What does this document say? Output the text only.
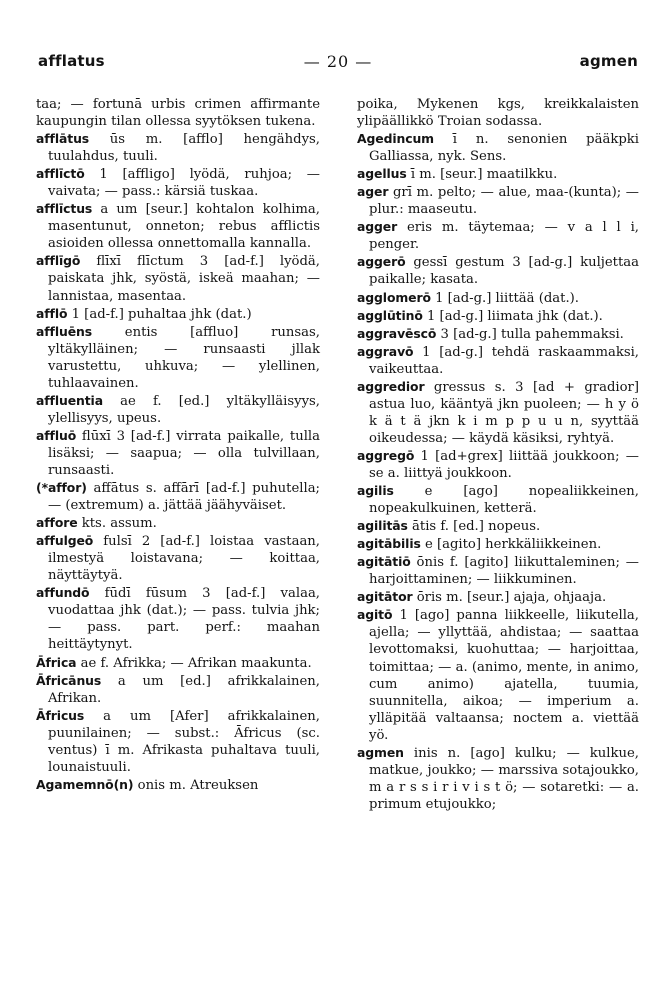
afflatus	— 20 —	agmen

taa; — fortunā urbis crimen affirmante kaupungin tilan ollessa syytöksen tukena.

afflātus ūs m. [afflo] hengähdys, tuulahdus, tuuli.

afflīctō 1 [affligo] lyödä, ruhjoa; — vaivata; — pass.: kärsiä tuskaa.

afflīctus a um [seur.] kohtalon kolhima, masentunut, onneton; rebus afflictis asioiden ollessa onnettomalla kannalla.

afflīgō flīxī flīctum 3 [ad-f.] lyödä, paiskata jhk, syöstä, iskeä maahan; — lannistaa, masentaa.

afflō 1 [ad-f.] puhaltaa jhk (dat.)

affluēns entis [affluo] runsas, yltäkylläinen; — runsaasti jllak varustettu, uhkuva; — ylellinen, tuhlaavainen.

affluentia ae f. [ed.] yltäkylläisyys, ylellisyys, upeus.

affluō flūxī 3 [ad-f.] virrata paikalle, tulla lisäksi; — saapua; — olla tulvillaan, runsaasti.

(*affor) affātus s. affārī [ad-f.] puhutella; — (extremum) a. jättää jäähyväiset.

affore kts. assum.

affulgeō fulsī 2 [ad-f.] loistaa vastaan, ilmestyä loistavana; — koittaa, näyttäytyä.

affundō fūdī fūsum 3 [ad-f.] valaa, vuodattaa jhk (dat.); — pass. tulvia jhk; — pass. part. perf.: maahan heittäytynyt.

Āfrica ae f. Afrikka; — Afrikan maakunta.

Āfricānus a um [ed.] afrikkalainen, Afrikan.

Āfricus a um [Afer] afrikkalainen, puunilainen; — subst.: Āfricus (sc. ventus) ī m. Afrikasta puhaltava tuuli, lounaistuuli.

Agamemnō(n) onis m. Atreuksen

poika, Mykenen kgs, kreikkalaisten ylipäällikkö Troian sodassa.

Agedincum ī n. senonien pääkpki Galliassa, nyk. Sens.

agellus ī m. [seur.] maatilkku.

ager grī m. pelto; — alue, maa-(kunta); — plur.: maaseutu.

agger eris m. täytemaa; — v a l l i, penger.

aggerō gessī gestum 3 [ad-g.] kuljettaa paikalle; kasata.

agglomerō 1 [ad-g.] liittää (dat.).

agglūtinō 1 [ad-g.] liimata jhk (dat.).

aggravēscō 3 [ad-g.] tulla pahemmaksi.

aggravō 1 [ad-g.] tehdä raskaammaksi, vaikeuttaa.

aggredior gressus s. 3 [ad + gradior] astua luo, kääntyä jkn puoleen; — h y ö k ä t ä jkn k i m p p u u n, syyttää oikeudessa; — käydä käsiksi, ryhtyä.

aggregō 1 [ad+grex] liittää joukkoon; — se a. liittyä joukkoon.

agilis e [ago] nopealiikkeinen, nopeakulkuinen, ketterä.

agilitās ātis f. [ed.] nopeus.

agitābilis e [agito] herkkäliikkeinen.

agitātiō ōnis f. [agito] liikuttaleminen; — harjoittaminen; — liikkuminen.

agitātor ōris m. [seur.] ajaja, ohjaaja.

agitō 1 [ago] panna liikkeelle, liikutella, ajella; — yllyttää, ahdistaa; — saattaa levottomaksi, kuohuttaa; — harjoittaa, toimittaa; — a. (animo, mente, in animo, cum animo) ajatella, tuumia, suunnitella, aikoa; — imperium a. ylläpitää valtaansa; noctem a. viettää yö.

agmen inis n. [ago] kulku; — kulkue, matkue, joukko; — marssiva sotajoukko, m a r s s i r i v i s t ö; — sotaretki: — a. primum etujoukko;
